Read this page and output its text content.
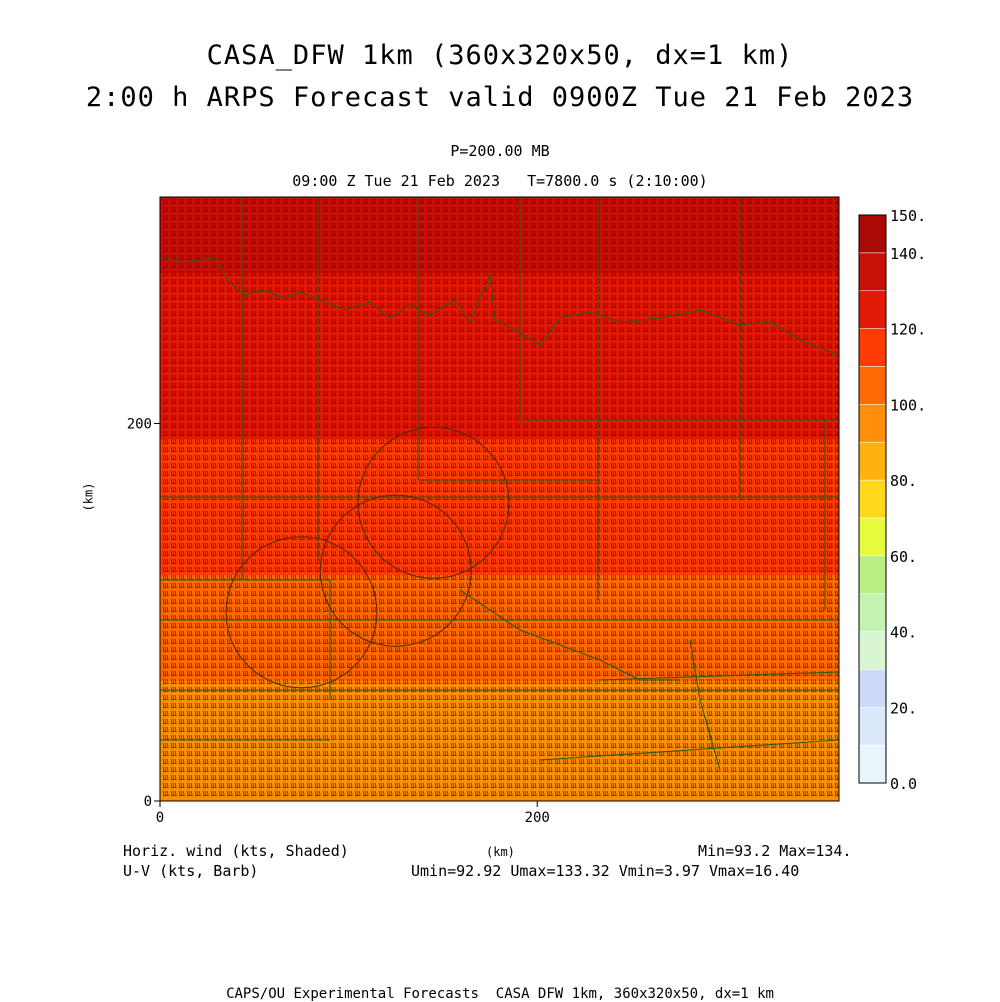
CASA_DFW 1km (360x320x50, dx=1 km)
2:00 h ARPS Forecast valid 0900Z Tue 21 Feb 2023
P=200.00 MB
09:00 Z Tue 21 Feb 2023   T=7800.0 s (2:10:00)
0	200
0
200
0.0
20.
40.
60.
80.
100.
120.
140.
150.
(km)
Horiz. wind (kts, Shaded)
U-V (kts, Barb)
(km)	Min=93.2 Max=134.
Umin=92.92 Umax=133.32 Vmin=3.97 Vmax=16.40
CAPS/OU Experimental Forecasts  CASA DFW 1km, 360x320x50, dx=1 km
